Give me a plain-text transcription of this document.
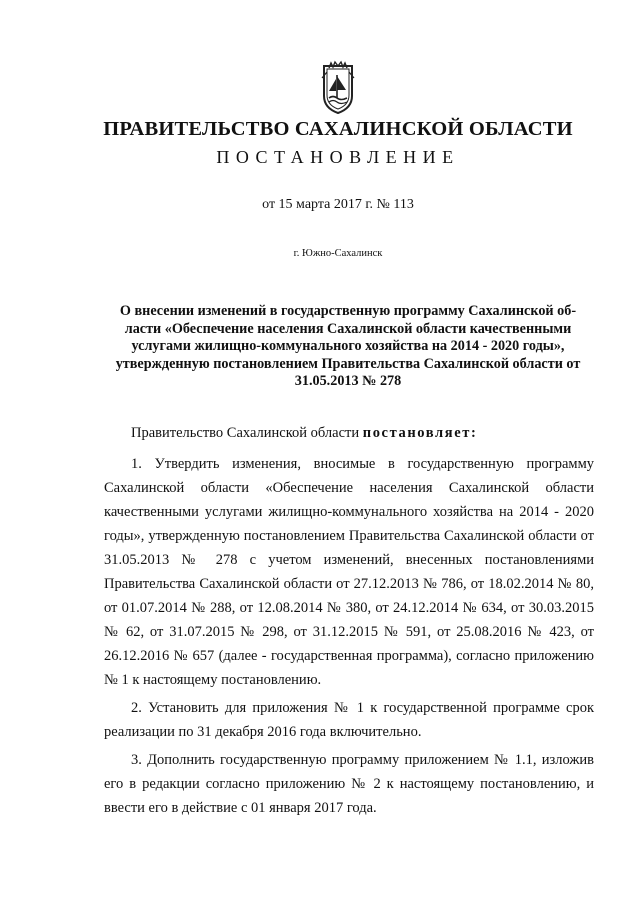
ПРАВИТЕЛЬСТВО САХАЛИНСКОЙ ОБЛАСТИ
ПОСТАНОВЛЕНИЕ
от 15 марта 2017 г. № 113
г. Южно-Сахалинск
О внесении изменений в государственную программу Сахалинской об- ласти «Обеспечение населения Сахалинской области качественными услугами жилищно-коммунального хозяйства на 2014 - 2020 годы», утвержденную постановлением Правительства Сахалинской области от 31.05.2013 № 278
Правительство Сахалинской области постановляет:

1. Утвердить изменения, вносимые в государственную программу Сахалинской области «Обеспечение населения Сахалинской области качественными услугами жилищно-коммунального хозяйства на 2014 - 2020 годы», утвержденную постановлением Правительства Сахалинской области от 31.05.2013 № 278 с учетом изменений, внесенных постановлениями Правительства Сахалинской области от 27.12.2013 № 786, от 18.02.2014 № 80, от 01.07.2014 № 288, от 12.08.2014 № 380, от 24.12.2014 № 634, от 30.03.2015 № 62, от 31.07.2015 № 298, от 31.12.2015 № 591, от 25.08.2016 № 423, от 26.12.2016 № 657 (далее - государственная программа), согласно приложению № 1 к настоящему постановлению.

2. Установить для приложения № 1 к государственной программе срок реализации по 31 декабря 2016 года включительно.

3. Дополнить государственную программу приложением № 1.1, изложив его в редакции согласно приложению № 2 к настоящему постановлению, и ввести его в действие с 01 января 2017 года.
